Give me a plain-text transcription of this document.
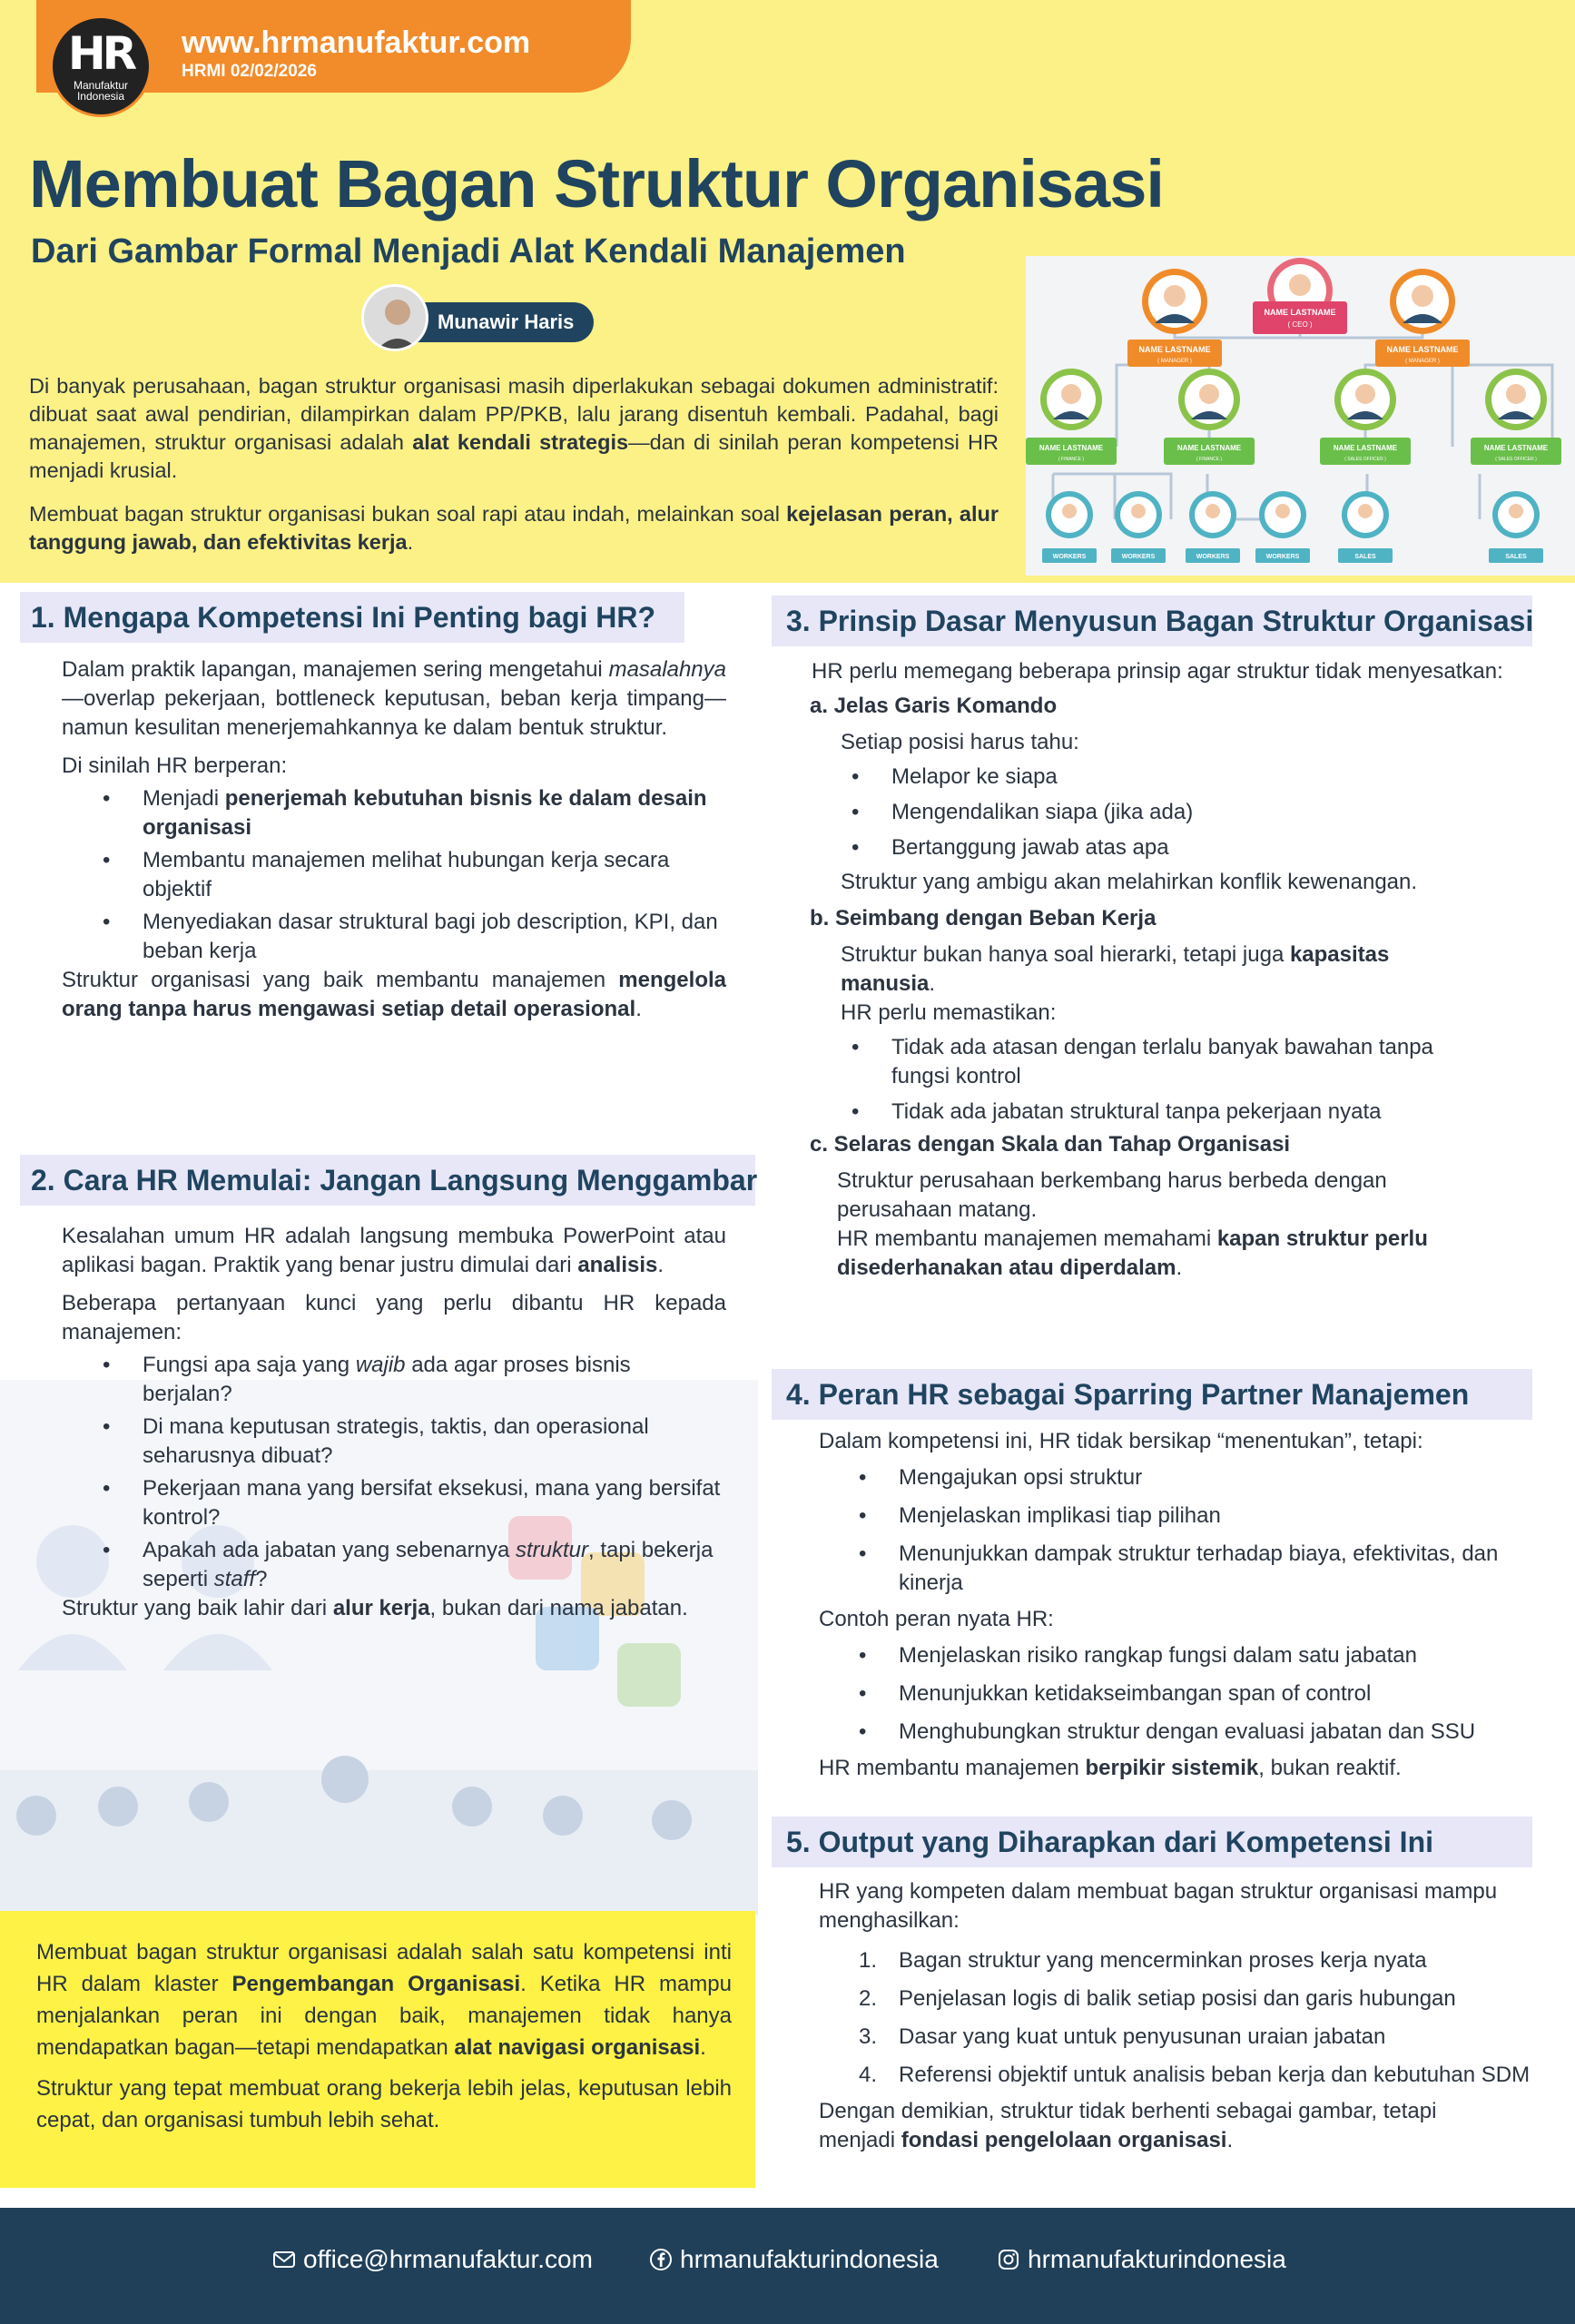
HR
Manufaktur
Indonesia
www.hrmanufaktur.com
HRMI 02/02/2026
Membuat Bagan Struktur Organisasi
Dari Gambar Formal Menjadi Alat Kendali Manajemen
Munawir Haris

Di banyak perusahaan, bagan struktur organisasi masih diperlakukan sebagai dokumen administratif: dibuat saat awal pendirian, dilampirkan dalam PP/PKB, lalu jarang disentuh kembali. Padahal, bagi manajemen, struktur organisasi adalah alat kendali strategis—dan di sinilah peran kompetensi HR menjadi krusial.

Membuat bagan struktur organisasi bukan soal rapi atau indah, melainkan soal kejelasan peran, alur tanggung jawab, dan efektivitas kerja.

NAME LASTNAME
( CEO )
NAME LASTNAME
( MANAGER )
NAME LASTNAME
( MANAGER )
NAME LASTNAME
( FINANCE )
NAME LASTNAME
( FINANCE )
NAME LASTNAME
( SALES OFFICER )
NAME LASTNAME
( SALES OFFICER )
WORKERS	WORKERS	WORKERS	WORKERS	SALES	SALES
1. Mengapa Kompetensi Ini Penting bagi HR?

Dalam praktik lapangan, manajemen sering mengetahui masalahnya—overlap pekerjaan, bottleneck keputusan, beban kerja timpang—namun kesulitan menerjemahkannya ke dalam bentuk struktur.

Di sinilah HR berperan:

• Menjadi penerjemah kebutuhan bisnis ke dalam desain organisasi
• Membantu manajemen melihat hubungan kerja secara objektif
• Menyediakan dasar struktural bagi job description, KPI, dan beban kerja

Struktur organisasi yang baik membantu manajemen mengelola orang tanpa harus mengawasi setiap detail operasional.

2. Cara HR Memulai: Jangan Langsung Menggambar

Kesalahan umum HR adalah langsung membuka PowerPoint atau aplikasi bagan. Praktik yang benar justru dimulai dari analisis.

Beberapa pertanyaan kunci yang perlu dibantu HR kepada manajemen:

• Fungsi apa saja yang wajib ada agar proses bisnis berjalan?
• Di mana keputusan strategis, taktis, dan operasional seharusnya dibuat?
• Pekerjaan mana yang bersifat eksekusi, mana yang bersifat kontrol?
• Apakah ada jabatan yang sebenarnya struktur, tapi bekerja seperti staff?

Struktur yang baik lahir dari alur kerja, bukan dari nama jabatan.

Membuat bagan struktur organisasi adalah salah satu kompetensi inti HR dalam klaster Pengembangan Organisasi. Ketika HR mampu menjalankan peran ini dengan baik, manajemen tidak hanya mendapatkan bagan—tetapi mendapatkan alat navigasi organisasi.

Struktur yang tepat membuat orang bekerja lebih jelas, keputusan lebih cepat, dan organisasi tumbuh lebih sehat.

3. Prinsip Dasar Menyusun Bagan Struktur Organisasi

HR perlu memegang beberapa prinsip agar struktur tidak menyesatkan:

a. Jelas Garis Komando

Setiap posisi harus tahu:

• Melapor ke siapa
• Mengendalikan siapa (jika ada)
• Bertanggung jawab atas apa

Struktur yang ambigu akan melahirkan konflik kewenangan.

b. Seimbang dengan Beban Kerja

Struktur bukan hanya soal hierarki, tetapi juga kapasitas manusia.

HR perlu memastikan:

• Tidak ada atasan dengan terlalu banyak bawahan tanpa fungsi kontrol
• Tidak ada jabatan struktural tanpa pekerjaan nyata

c. Selaras dengan Skala dan Tahap Organisasi

Struktur perusahaan berkembang harus berbeda dengan perusahaan matang.

HR membantu manajemen memahami kapan struktur perlu disederhanakan atau diperdalam.

4. Peran HR sebagai Sparring Partner Manajemen

Dalam kompetensi ini, HR tidak bersikap “menentukan”, tetapi:

• Mengajukan opsi struktur
• Menjelaskan implikasi tiap pilihan
• Menunjukkan dampak struktur terhadap biaya, efektivitas, dan kinerja

Contoh peran nyata HR:

• Menjelaskan risiko rangkap fungsi dalam satu jabatan
• Menunjukkan ketidakseimbangan span of control
• Menghubungkan struktur dengan evaluasi jabatan dan SSU

HR membantu manajemen berpikir sistemik, bukan reaktif.

5. Output yang Diharapkan dari Kompetensi Ini

HR yang kompeten dalam membuat bagan struktur organisasi mampu menghasilkan:

Bagan struktur yang mencerminkan proses kerja nyata
Penjelasan logis di balik setiap posisi dan garis hubungan
Dasar yang kuat untuk penyusunan uraian jabatan
Referensi objektif untuk analisis beban kerja dan kebutuhan SDM

Dengan demikian, struktur tidak berhenti sebagai gambar, tetapi menjadi fondasi pengelolaan organisasi.

office@hrmanufaktur.com	hrmanufakturindonesia	hrmanufakturindonesia
